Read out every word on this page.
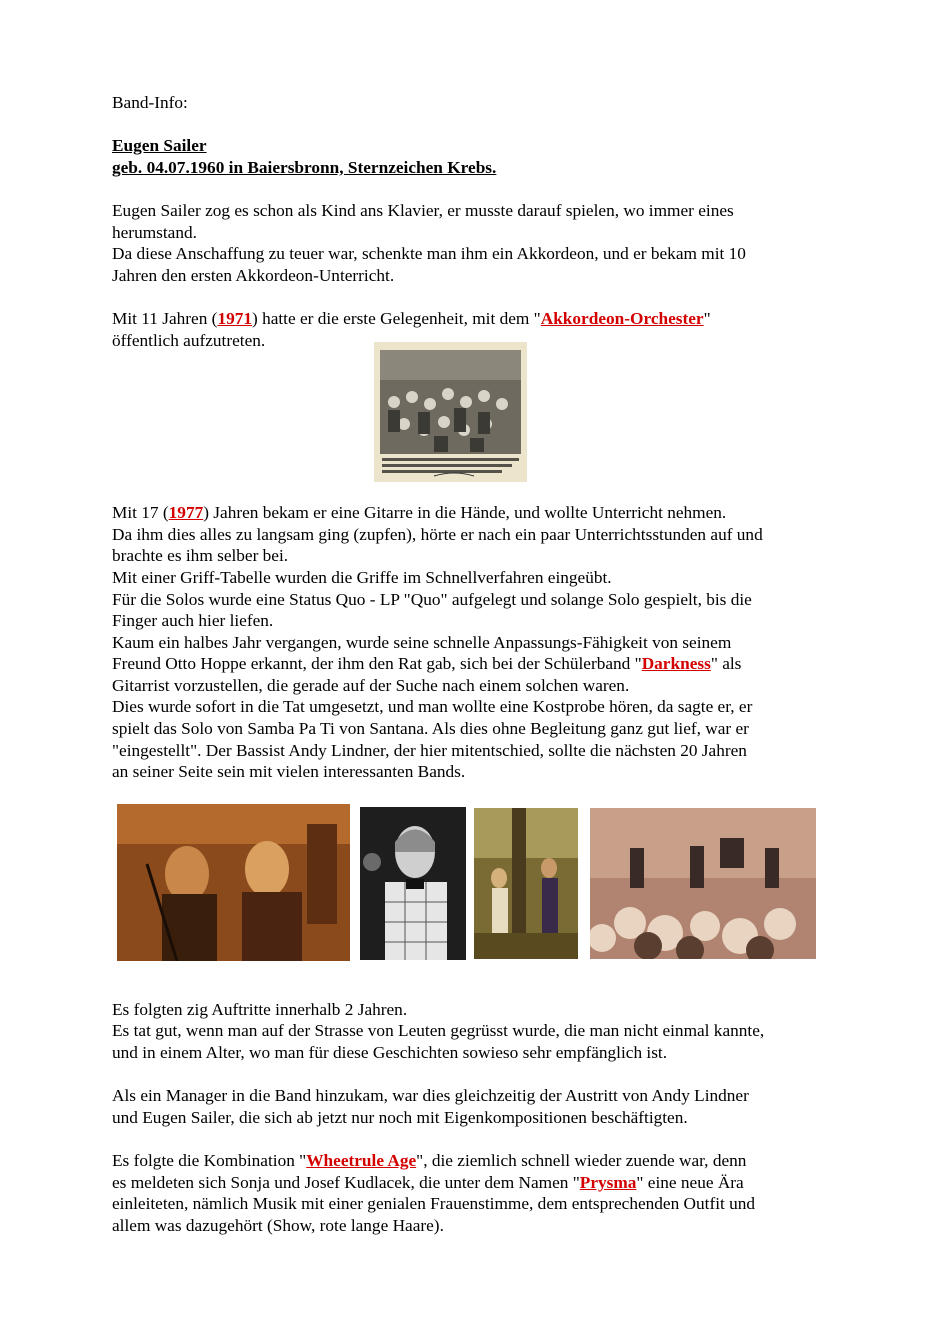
Band-Info:

Eugen Sailer

geb. 04.07.1960 in Baiersbronn, Sternzeichen Krebs.

Eugen Sailer zog es schon als Kind ans Klavier, er musste darauf spielen, wo immer eines

herumstand.

Da diese Anschaffung zu teuer war, schenkte man ihm ein Akkordeon, und er bekam mit 10

Jahren den ersten Akkordeon-Unterricht.

Mit 11 Jahren (1971) hatte er die erste Gelegenheit, mit dem "Akkordeon-Orchester"

öffentlich aufzutreten.

Mit 17 (1977) Jahren bekam er eine Gitarre in die Hände, und wollte Unterricht nehmen.

Da ihm dies alles zu langsam ging (zupfen), hörte er nach ein paar Unterrichtsstunden auf und

brachte es ihm selber bei.

Mit einer Griff-Tabelle wurden die Griffe im Schnellverfahren eingeübt.

Für die Solos wurde eine Status Quo - LP "Quo" aufgelegt und solange Solo gespielt, bis die

Finger auch hier liefen.

Kaum ein halbes Jahr vergangen, wurde seine schnelle Anpassungs-Fähigkeit von seinem

Freund Otto Hoppe erkannt, der ihm den Rat gab, sich bei der Schülerband "Darkness" als

Gitarrist vorzustellen, die gerade auf der Suche nach einem solchen waren.

Dies wurde sofort in die Tat umgesetzt, und man wollte eine Kostprobe hören, da sagte er, er

spielt das Solo von Samba Pa Ti von Santana. Als dies ohne Begleitung ganz gut lief, war er

"eingestellt". Der Bassist Andy Lindner, der hier mitentschied, sollte die nächsten 20 Jahren

an seiner Seite sein mit vielen interessanten Bands.

Es folgten zig Auftritte innerhalb 2 Jahren.

Es tat gut, wenn man auf der Strasse von Leuten gegrüsst wurde, die man nicht einmal kannte,

und in einem Alter, wo man für diese Geschichten sowieso sehr empfänglich ist.

Als ein Manager in die Band hinzukam, war dies gleichzeitig der Austritt von Andy Lindner

und Eugen Sailer, die sich ab jetzt nur noch mit Eigenkompositionen beschäftigten.

Es folgte die Kombination "Wheetrule Age", die ziemlich schnell wieder zuende war, denn

es meldeten sich Sonja und Josef Kudlacek, die unter dem Namen "Prysma" eine neue Ära

einleiteten, nämlich Musik mit einer genialen Frauenstimme, dem entsprechenden Outfit und

allem was dazugehört (Show, rote lange Haare).
